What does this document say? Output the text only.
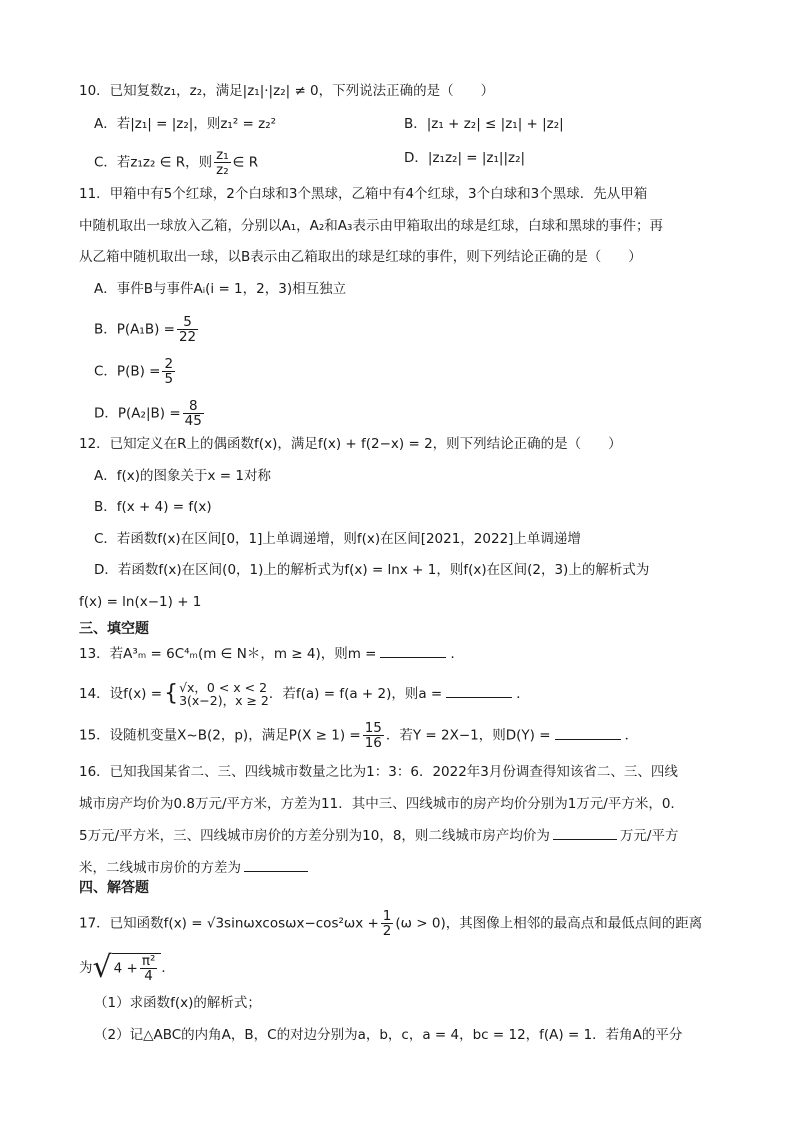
10．已知复数z₁，z₂，满足|z₁|·|z₂| ≠ 0，下列说法正确的是（　　）
A．若|z₁| = |z₂|，则z₁² = z₂²	B．|z₁ + z₂| ≤ |z₁| + |z₂|
C．若z₁z₂ ∈ R，则 $\frac{\text{z₁}}{\text{z₂}}$ ∈ R	D．|z₁z₂| = |z₁||z₂|
11．甲箱中有5个红球，2个白球和3个黑球，乙箱中有4个红球，3个白球和3个黑球．先从甲箱
中随机取出一球放入乙箱，分别以A₁，A₂和A₃表示由甲箱取出的球是红球，白球和黑球的事件；再
从乙箱中随机取出一球，以B表示由乙箱取出的球是红球的事件，则下列结论正确的是（　　）
A．事件B与事件Aᵢ(i = 1，2，3)相互独立
B．$P(A_1B) = \frac{5}{22}$
C．$P(B) = \frac{2}{5}$
D．$P(A_2|B) = \frac{8}{45}$
12．已知定义在R上的偶函数f(x)，满足f(x) + f(2−x) = 2，则下列结论正确的是（　　）
A．f(x)的图象关于x = 1对称
B．f(x + 4) = f(x)
C．若函数f(x)在区间[0，1]上单调递增，则f(x)在区间[2021，2022]上单调递增
D．若函数f(x)在区间(0，1)上的解析式为f(x) = lnx + 1，则f(x)在区间(2，3)上的解析式为
f(x) = ln(x−1) + 1
三、填空题
13．若A³ₘ = 6C⁴ₘ(m ∈ N＊，m ≥ 4)，则m =	．
14．设f(x) ={ √x，0 < x < 2
3(x−2)，x ≥ 2 ．若f(a) = f(a + 2)，则a =	．
15．设随机变量X~B(2，p)，满足$P(X \ge 1) = \frac{15}{16}$ ．若Y = 2X−1，则D(Y) =	．
16．已知我国某省二、三、四线城市数量之比为1：3：6．2022年3月份调查得知该省二、三、四线
城市房产均价为0.8万元/平方米，方差为11．其中三、四线城市的房产均价分别为1万元/平方米，0.
5万元/平方米，三、四线城市房价的方差分别为10，8，则二线城市房产均价为	万元/平方
米，二线城市房价的方差为
四、解答题
17．已知函数$f(x) = √3\sin\omega xcos\omega x-\cos^2\omega x + \frac{1}{2} (\omega > 0)$，其图像上相邻的最高点和最低点间的距离
为√ $4 + \frac{\text{π²}}{4}$ ．
（1）求函数f(x)的解析式；
（2）记△ABC的内角A，B，C的对边分别为a，b，c，a = 4，bc = 12，f(A) = 1．若角A的平分
